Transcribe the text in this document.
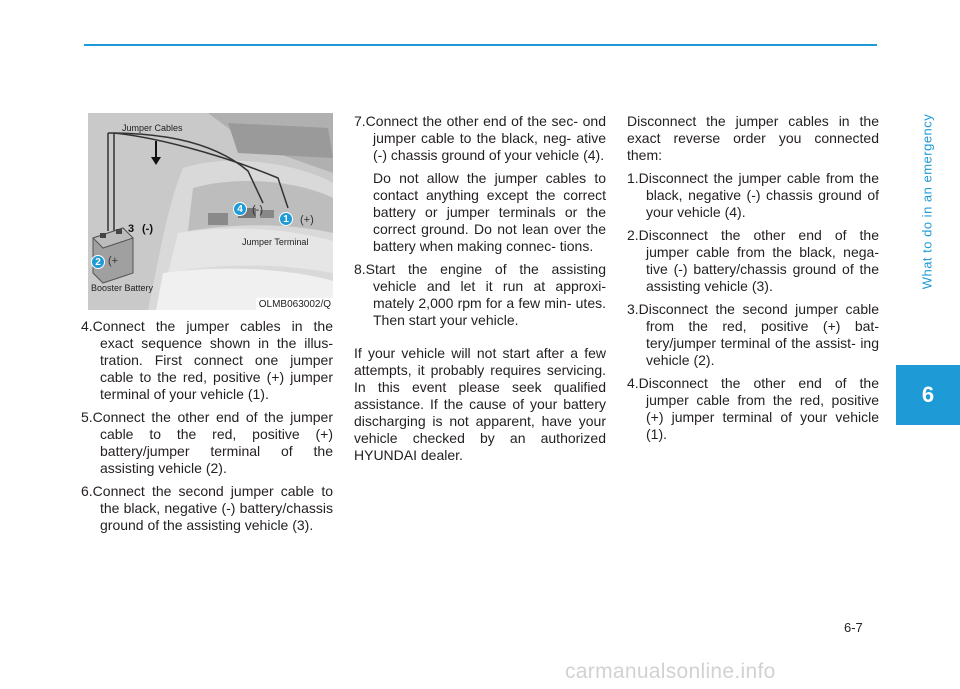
What to do in an emergency
6
Jumper Cables
Jumper Terminal
Booster Battery
1
2
4
3 (-)
(-)
(+)
(+
OLMB063002/Q

4.Connect the jumper cables in the exact sequence shown in the illus- tration. First connect one jumper cable to the red, positive (+) jumper terminal of your vehicle (1).

5.Connect the other end of the jumper cable to the red, positive (+) battery/jumper terminal of the assisting vehicle (2).

6.Connect the second jumper cable to the black, negative (-) battery/chassis ground of the assisting vehicle (3).

7.Connect the other end of the sec- ond jumper cable to the black, neg- ative (-) chassis ground of your vehicle (4).

Do not allow the jumper cables to contact anything except the correct battery or jumper terminals or the correct ground. Do not lean over the battery when making connec- tions.

8.Start the engine of the assisting vehicle and let it run at approxi- mately 2,000 rpm for a few min- utes. Then start your vehicle.

If your vehicle will not start after a few attempts, it probably requires servicing. In this event please seek qualified assistance. If the cause of your battery discharging is not apparent, have your vehicle checked by an authorized HYUNDAI dealer.

Disconnect the jumper cables in the exact reverse order you connected them:

1.Disconnect the jumper cable from the black, negative (-) chassis ground of your vehicle (4).

2.Disconnect the other end of the jumper cable from the black, nega- tive (-) battery/chassis ground of the assisting vehicle (3).

3.Disconnect the second jumper cable from the red, positive (+) bat- tery/jumper terminal of the assist- ing vehicle (2).

4.Disconnect the other end of the jumper cable from the red, positive (+) jumper terminal of your vehicle (1).

6-7
carmanualsonline.info
